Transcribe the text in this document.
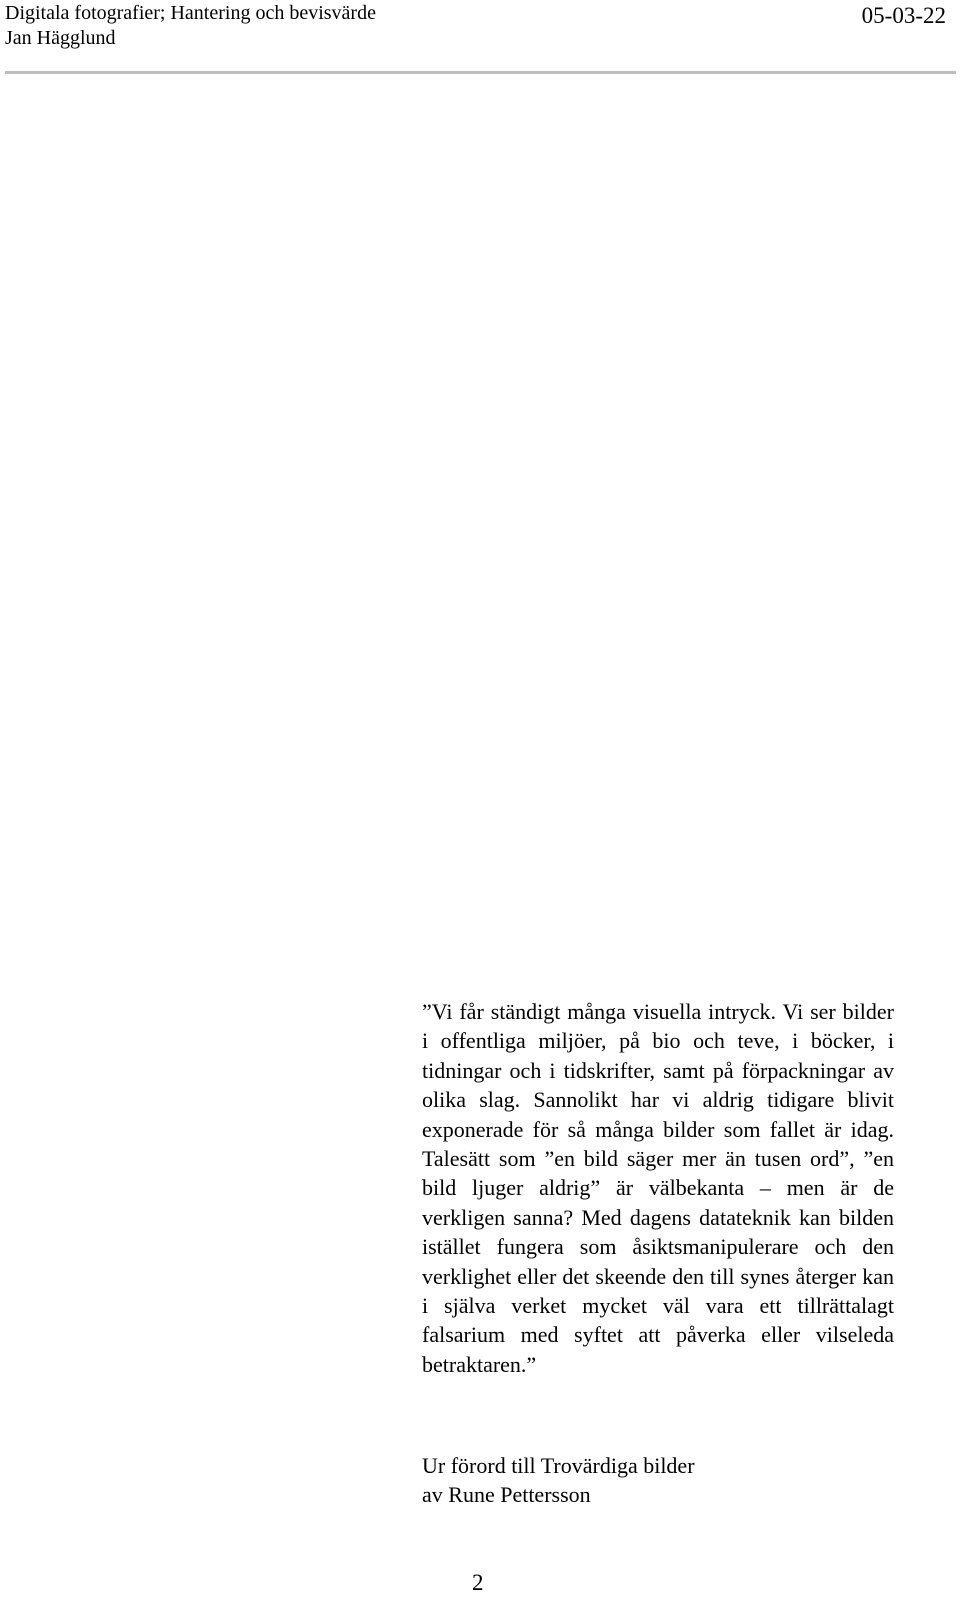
Digitala fotografier; Hantering och bevisvärde
Jan Hägglund
05-03-22

”Vi får ständigt många visuella intryck. Vi ser bilder i offentliga miljöer, på bio och teve, i böcker, i tidningar och i tidskrifter, samt på förpackningar av olika slag. Sannolikt har vi aldrig tidigare blivit exponerade för så många bilder som fallet är idag. Talesätt som ”en bild säger mer än tusen ord”, ”en bild ljuger aldrig” är välbekanta – men är de verkligen sanna? Med dagens datateknik kan bilden istället fungera som åsiktsmanipulerare och den verklighet eller det skeende den till synes återger kan i själva verket mycket väl vara ett tillrättalagt falsarium med syftet att påverka eller vilseleda betraktaren.”

Ur förord till Trovärdiga bilder
av Rune Pettersson
2
